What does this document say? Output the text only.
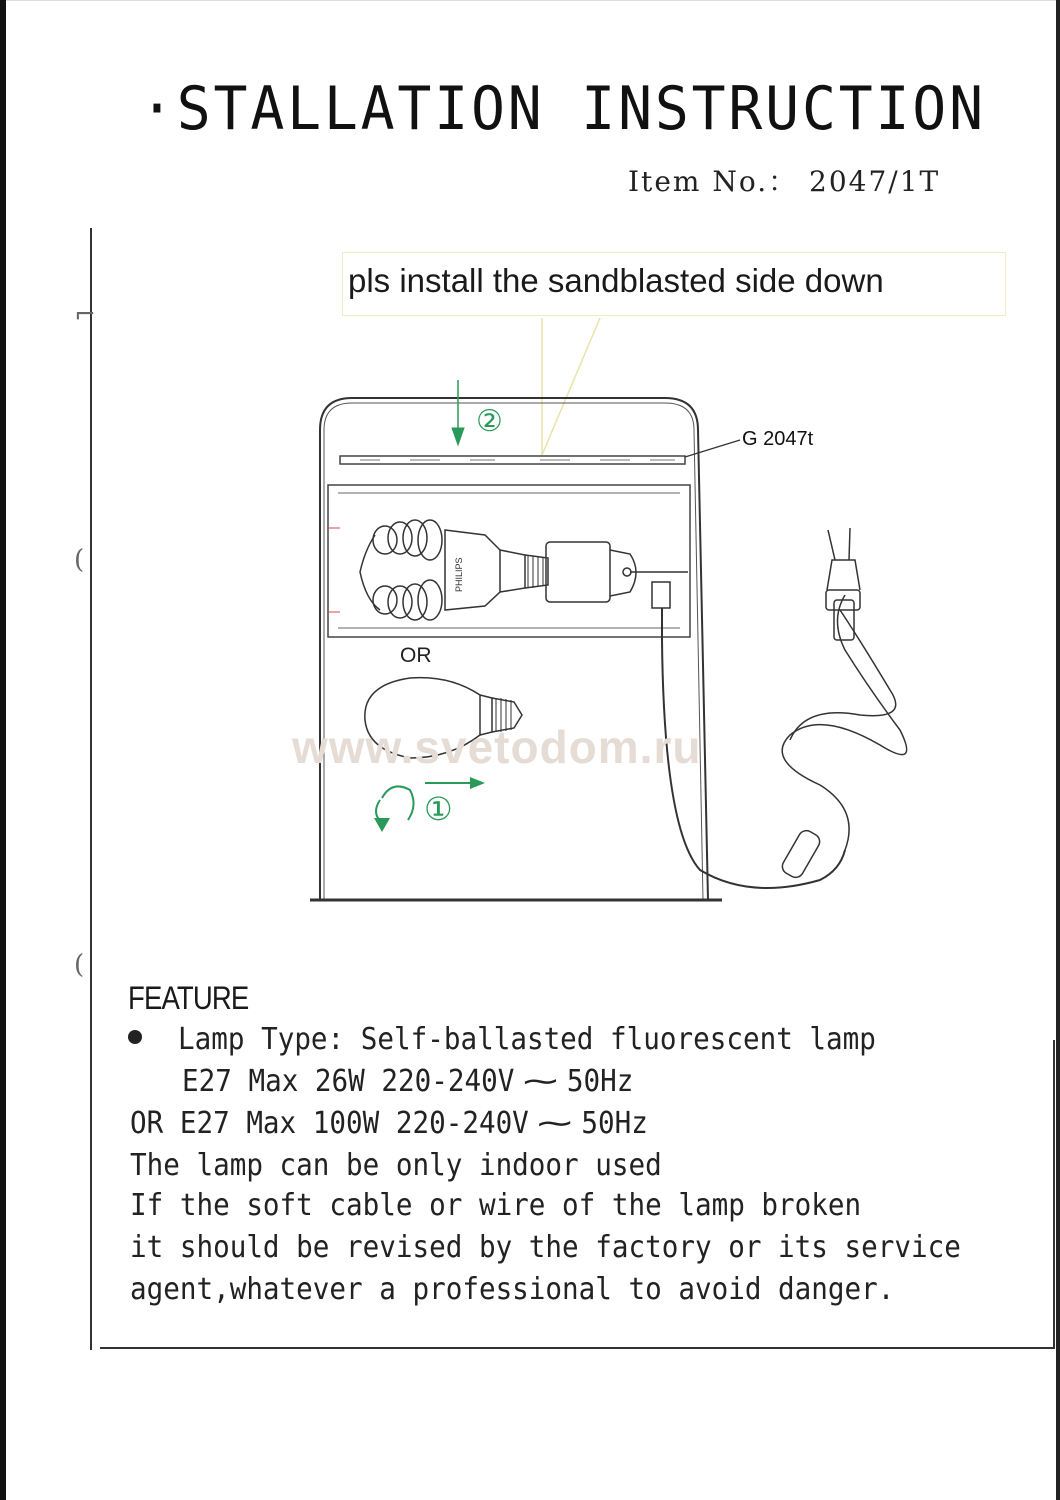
·STALLATION INSTRUCTION
Item No.： 2047/1T
⌐
(
(
pls install the sandblasted side down
PHILIPS
②	G 2047t
OR
www.svetodom.ru
①
FEATURE
Lamp Type: Self-ballasted fluorescent lamp
E27 Max 26W 220-240V ∼ 50Hz
OR E27 Max 100W 220-240V ∼ 50Hz
The lamp can be only indoor used
If the soft cable or wire of the lamp broken
it should be revised by the factory or its service
agent,whatever a professional to avoid danger.
